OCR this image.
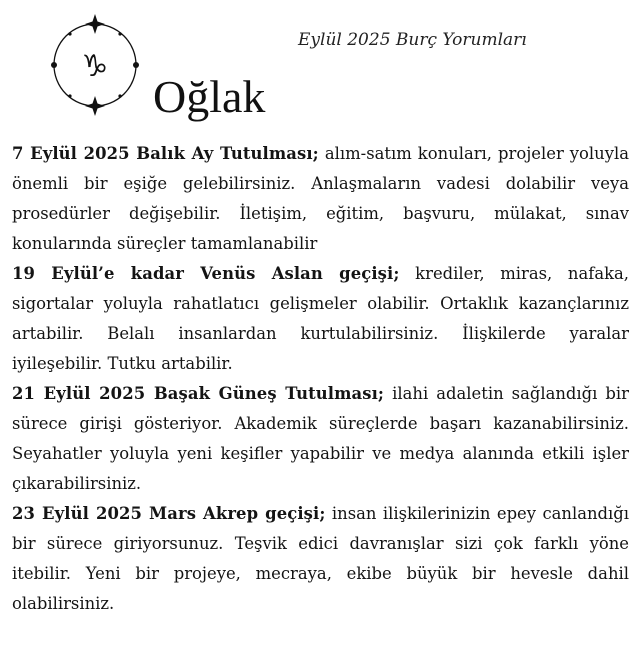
♑
Eylül 2025 Burç Yorumları
Oğlak

7 Eylül 2025 Balık Ay Tutulması; alım-satım konuları, projeler yoluyla önemli bir eşiğe gelebilirsiniz. Anlaşmaların vadesi dolabilir veya prosedürler değişebilir. İletişim, eğitim, başvuru, mülakat, sınav konularında süreçler tamamlanabilir

19 Eylül’e kadar Venüs Aslan geçişi; krediler, miras, nafaka, sigortalar yoluyla rahatlatıcı gelişmeler olabilir. Ortaklık kazançlarınız artabilir. Belalı insanlardan kurtulabilirsiniz. İlişkilerde yaralar iyileşebilir. Tutku artabilir.

21 Eylül 2025 Başak Güneş Tutulması; ilahi adaletin sağlandığı bir sürece girişi gösteriyor. Akademik süreçlerde başarı kazanabilirsiniz. Seyahatler yoluyla yeni keşifler yapabilir ve medya alanında etkili işler çıkarabilirsiniz.

23 Eylül 2025 Mars Akrep geçişi; insan ilişkilerinizin epey canlandığı bir sürece giriyorsunuz. Teşvik edici davranışlar sizi çok farklı yöne itebilir. Yeni bir projeye, mecraya, ekibe büyük bir hevesle dahil olabilirsiniz.
